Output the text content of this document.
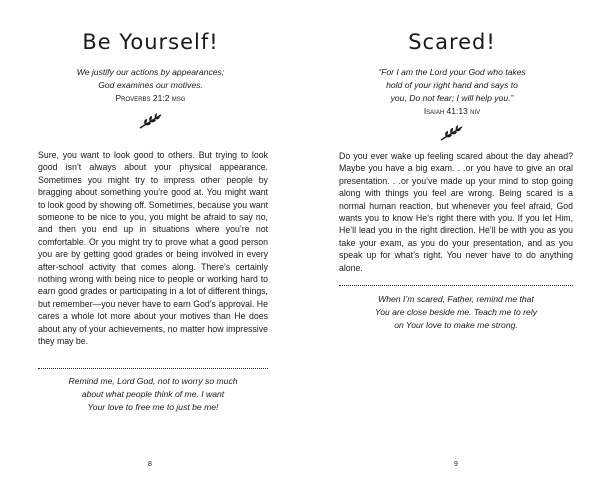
Be Yourself!
We justify our actions by appearances;
God examines our motives.
Proverbs 21:2 msg

Sure, you want to look good to others. But trying to look good isn’t always about your physical appearance. Sometimes you might try to impress other people by bragging about something you’re good at. You might want to look good by showing off. Sometimes, because you want someone to be nice to you, you might be afraid to say no, and then you end up in situations where you’re not comfortable. Or you might try to prove what a good person you are by getting good grades or being involved in every after-school activity that comes along. There’s certainly nothing wrong with being nice to people or working hard to earn good grades or participating in a lot of different things, but remember—you never have to earn God’s approval. He cares a whole lot more about your motives than He does about any of your achievements, no matter how impressive they may be.

Remind me, Lord God, not to worry so much
about what people think of me. I want
Your love to free me to just be me!
8
Scared!
“For I am the Lord your God who takes
hold of your right hand and says to
you, Do not fear; I will help you.”
Isaiah 41:13 niv

Do you ever wake up feeling scared about the day ahead? Maybe you have a big exam. . .or you have to give an oral presentation. . .or you’ve made up your mind to stop going along with things you feel are wrong. Being scared is a normal human reaction, but whenever you feel afraid, God wants you to know He’s right there with you. If you let Him, He’ll lead you in the right direction. He’ll be with you as you take your exam, as you do your presentation, and as you speak up for what’s right. You never have to do anything alone.

When I’m scared, Father, remind me that
You are close beside me. Teach me to rely
on Your love to make me strong.
9
